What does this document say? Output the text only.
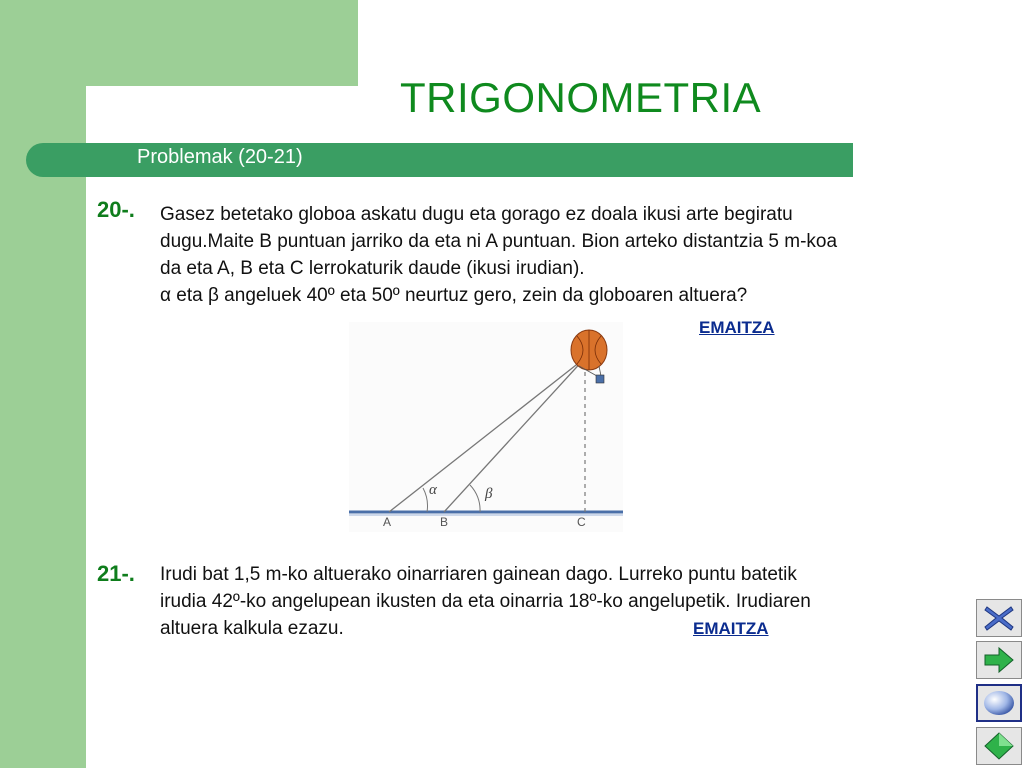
TRIGONOMETRIA
Problemak (20-21)
20-. Gasez betetako globoa askatu dugu eta gorago ez doala ikusi arte begiratu
dugu.Maite B puntuan jarriko da eta ni A puntuan. Bion arteko distantzia 5 m-koa
da eta A, B eta C lerrokaturik daude (ikusi irudian).
α eta β angeluek 40º eta 50º neurtuz gero, zein da globoaren altuera?
EMAITZA
α	β
A	B	C
21-. Irudi bat 1,5 m-ko altuerako oinarriaren gainean dago. Lurreko puntu batetik
irudia 42º-ko angelupean ikusten da eta oinarria 18º-ko angelupetik. Irudiaren
altuera kalkula ezazu.	EMAITZA
